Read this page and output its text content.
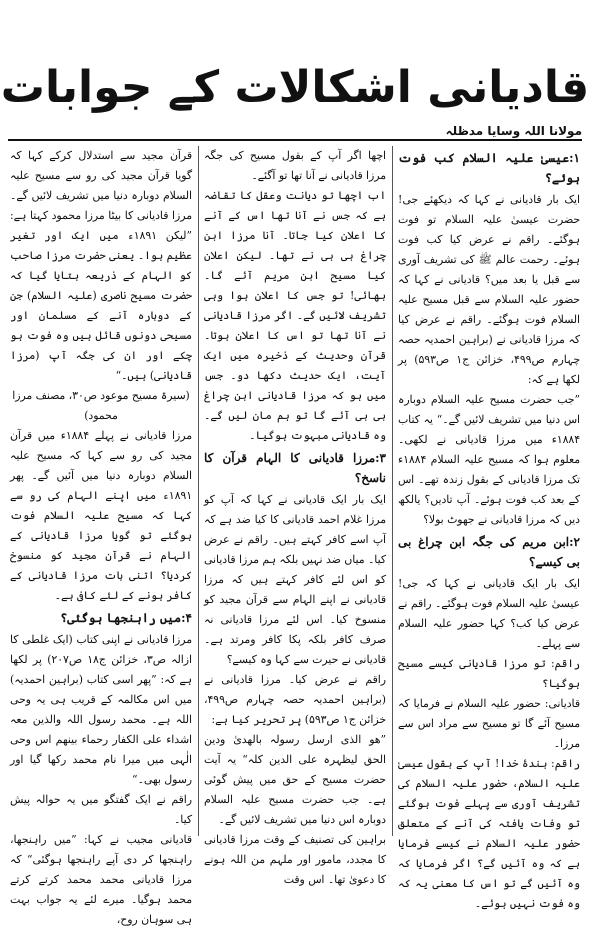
قادیانی اشکالات کے جوابات
مولانا اللہ وسایا مدظلہ

۱:عیسیٰ علیہ السلام کب فوت ہوئے؟

ایک بار قادیانی نے کہا کہ دیکھئے جی! حضرت عیسیٰ علیہ السلام تو فوت ہوگئے۔ راقم نے عرض کیا کب فوت ہوئے۔ رحمت عالم ﷺ کی تشریف آوری سے قبل یا بعد میں؟ قادیانی نے کہا کہ حضور علیہ السلام سے قبل مسیح علیہ السلام فوت ہوگئے۔ راقم نے عرض کیا کہ مرزا قادیانی نے (براہین احمدیہ حصہ چہارم ص۴۹۹، خزائن ج۱ ص۵۹۳) پر لکھا ہے کہ:

”جب حضرت مسیح علیہ السلام دوبارہ اس دنیا میں تشریف لائیں گے۔“ یہ کتاب ۱۸۸۴ء میں مرزا قادیانی نے لکھی۔ معلوم ہوا کہ مسیح علیہ السلام ۱۸۸۴ء تک مرزا قادیانی کے بقول زندہ تھے۔ اس کے بعد کب فوت ہوئے۔ آپ تادیں؟ یالکھ دیں کہ مرزا قادیانی نے جھوٹ بولا؟

۲:ابن مریم کی جگہ ابن چراغ بی بی کیسے؟

ایک بار ایک قادیانی نے کہا کہ جی! عیسیٰ علیہ السلام فوت ہوگئے۔ راقم نے عرض کیا کب؟ کہا حضور علیہ السلام سے پہلے۔

راقم: تو مرزا قادیانی کیسے مسیح ہوگیا؟

قادیانی: حضور علیہ السلام نے فرمایا کہ مسیح آئے گا تو مسیح سے مراد اس سے مرزا۔

راقم: بندۂ خدا! آپ کے بقول عیسیٰ علیہ السلام، حضور علیہ السلام کی تشریف آوری سے پہلے فوت ہوگئے تو وفات یافتہ کی آنے کے متعلق حضور علیہ السلام نے کیسے فرمایا ہے کہ وہ آئیں گے؟ اگر فرمایا کہ وہ آئیں گے تو اس کا معنی یہ کہ وہ فوت نہیں ہوئے۔

اچھا اگر آپ کے بقول مسیح کی جگہ مرزا قادیانی نے آنا تھا تو آگئے۔

اب اچھا تو دیانت وعقل کا تقاضہ ہے کہ جس نے آنا تھا اس کے آنے کا اعلان کیا جاتا۔ آنا مرزا ابن چراغ بی بی نے تھا۔ لیکن اعلان کیا مسیح ابن مریم آئے گا۔ بھائی! تو جس کا اعلان ہوا وہی تشریف لائیں گے۔ اگر مرزا قادیانی نے آنا تھا تو اس کا اعلان ہوتا۔ قرآن وحدیث کے ذخیرہ میں ایک آیت، ایک حدیث دکھا دو۔ جس میں ہو کہ مرزا قادیانی ابن چراغ بی بی آئے گا تو ہم مان لیں گے۔ وہ قادیانی مبہوت ہوگیا۔

۳:مرزا قادیانی کا الہام قرآن کا ناسخ؟

ایک بار ایک قادیانی نے کہا کہ آپ کو مرزا غلام احمد قادیانی کا کیا ضد ہے کہ آپ اسے کافر کہتے ہیں۔ راقم نے عرض کیا۔ میاں ضد نہیں بلکہ ہم مرزا قادیانی کو اس لئے کافر کہتے ہیں کہ مرزا قادیانی نے اپنے الہام سے قرآن مجید کو منسوخ کیا۔ اس لئے مرزا قادیانی نہ صرف کافر بلکہ پکا کافر ومرتد ہے۔ قادیانی نے حیرت سے کہا وہ کیسے؟

راقم نے عرض کیا۔ مرزا قادیانی نے (براہین احمدیہ حصہ چہارم ص۴۹۹، خزائن ج۱ ص۵۹۳) پر تحریر کیا ہے:

”ھو الذی ارسل رسولہ بالھدیٰ ودین الحق لیظہرہ علی الدین کلہ“ یہ آیت حضرت مسیح کے حق میں پیش گوئی ہے۔ جب حضرت مسیح علیہ السلام دوبارہ اس دنیا میں تشریف لائیں گے۔

براہین کی تصنیف کے وقت مرزا قادیانی کا مجدد، مامور اور ملہم من اللہ ہونے کا دعویٰ تھا۔ اس وقت

قرآن مجید سے استدلال کرکے کہا کہ گویا قرآن مجید کی رو سے مسیح علیہ السلام دوبارہ دنیا میں تشریف لائیں گے۔ مرزا قادیانی کا بیٹا مرزا محمود کہتا ہے: ”لیکن ۱۸۹۱ء میں ایک اور تغیر عظیم ہوا۔ یعنی حضرت مرزا صاحب کو الہام کے ذریعہ بتایا گیا کہ حضرت مسیح ناصری (علیہ السلام) جن کے دوبارہ آنے کے مسلمان اور مسیحی دونوں قائل ہیں وہ فوت ہو چکے اور ان کی جگہ آپ (مرزا قادیانی) ہیں۔“

(سیرۃ مسیح موعود ص۳۰، مصنف مرزا محمود)

مرزا قادیانی نے پہلے ۱۸۸۴ء میں قرآن مجید کی رو سے کہا کہ مسیح علیہ السلام دوبارہ دنیا میں آئیں گے۔ پھر ۱۸۹۱ء میں اپنے الہام کی رو سے کہا کہ مسیح علیہ السلام فوت ہوگئے تو گویا مرزا قادیانی کے الہام نے قرآن مجید کو منسوخ کردیا؟ اتنی بات مرزا قادیانی کے کافر ہونے کے لئے کافی ہے۔

۴:میں راہنجھا ہوگئی؟

مرزا قادیانی نے اپنی کتاب (ایک غلطی کا ازالہ ص۳، خزائن ج۱۸ ص۲۰۷) پر لکھا ہے کہ: ”پھر اسی کتاب (براہین احمدیہ) میں اس مکالمہ کے قریب ہی یہ وحی اللہ ہے۔ محمد رسول اللہ والذین معہ اشداء علی الکفار رحماء بینھم اس وحی الٰہی میں میرا نام محمد رکھا گیا اور رسول بھی۔“

راقم نے ایک گفتگو میں یہ حوالہ پیش کیا۔

قادیانی مجیب نے کہا: ”میں راہنجھا، راہنجھا کر دی آپے راہنجھا ہوگئی“ کہ مرزا قادیانی محمد محمد کرتے کرتے محمد ہوگیا۔ میرے لئے یہ جواب بہت ہی سوہان روح،
